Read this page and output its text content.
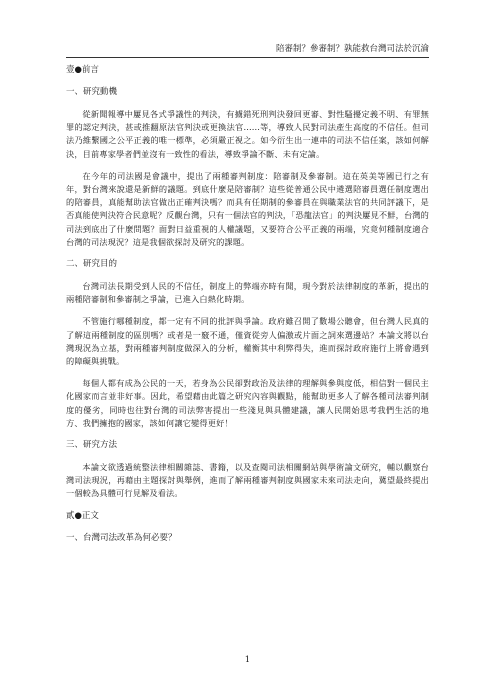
陪審制？參審制？孰能救台灣司法於沉淪
壹●前言
一、研究動機

從新聞報導中屢見各式爭議性的判決，有擄錯死刑判決發回更審、對性騷擾定義不明、有罪無罪的認定判決，甚或推翻原法官判決或更換法官......等，導致人民對司法產生高度的不信任。但司法乃維繫國之公平正義的唯一標準，必須嚴正視之。如今衍生出一連串的司法不信任案，該如何解決，目前專家學者們並沒有一致性的看法，導致爭論不斷、未有定論。

在今年的司法國是會議中，提出了兩種審判制度：陪審制及參審制。這在英美等國已行之有年，對台灣來說還是新鮮的議題。到底什麼是陪審制？這些從普通公民中遴選陪審員選任制度選出的陪審員，真能幫助法官做出正確判決嗎？而具有任期制的參審員在與職業法官的共同評議下，是否真能使判決符合民意呢？反觀台灣，只有一個法官的判決，「恐龍法官」的判決屢見不鮮，台灣的司法到底出了什麼問題？面對日益重視的人權議題，又要符合公平正義的兩端，究竟何種制度適合台灣的司法現況？這是我個欲探討及研究的課題。

二、研究目的

台灣司法長期受到人民的不信任，制度上的弊端亦時有聞，現今對於法律制度的革新，提出的兩種陪審制和參審制之爭論，已進入白熱化時期。

不管施行哪種制度，都一定有不同的批評與爭論。政府雖召開了數場公聽會，但台灣人民真的了解這兩種制度的區別嗎？或者是一竅不通，僅資從旁人偏激或片面之詞來選邊站？本論文將以台灣現況為立基，對兩種審判制度做深入的分析，權衡其中利弊得失，進而探討政府施行上將會遇到的障礙與挑戰。

每個人都有成為公民的一天，若身為公民卻對政治及法律的理解與參與度低，相信對一個民主化國家而言並非好事。因此，希望藉由此篇之研究內容與觀點，能幫助更多人了解各種司法審判制度的優劣，同時也往對台灣的司法弊害提出一些淺見與具體建議，讓人民開始思考我們生活的地方、我們擁抱的國家，該如何讓它變得更好！

三、研究方法

本論文欲透過統整法律相關雜誌、書籍，以及查閱司法相關網站與學術論文研究，輔以觀察台灣司法現況，再藉由主題探討與舉例，進而了解兩種審判制度與國家未來司法走向，冀望最終提出一個較為具體可行見解及看法。

貳●正文
一、台灣司法改革為何必要？
1
